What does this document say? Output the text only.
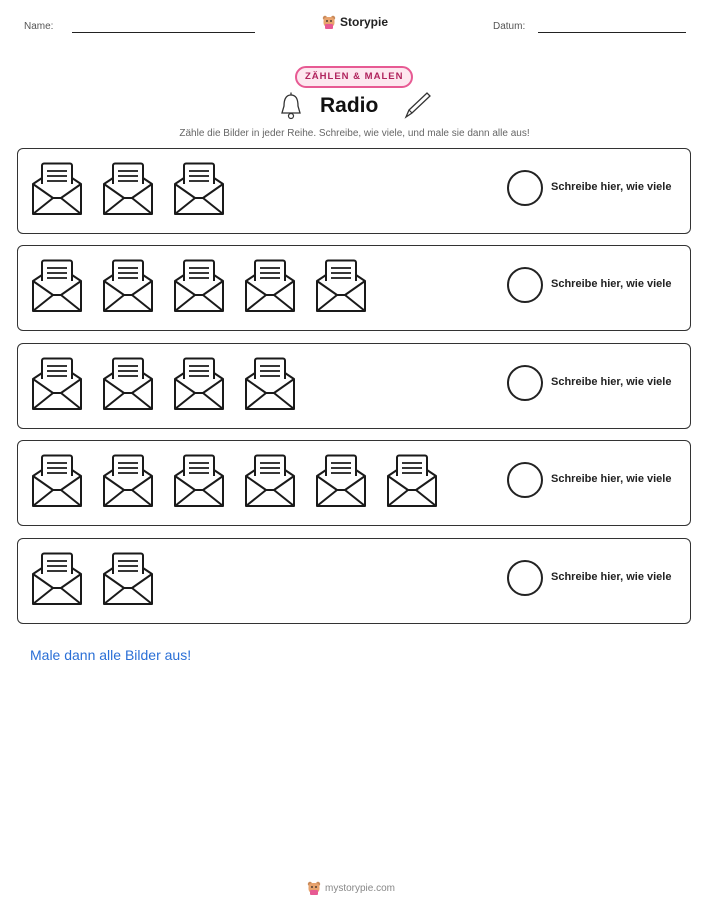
Name:	Storypie	Datum:
ZÄHLEN & MALEN
Radio
Zähle die Bilder in jeder Reihe. Schreibe, wie viele, und male sie dann alle aus!
Schreibe hier, wie viele
Schreibe hier, wie viele
Schreibe hier, wie viele
Schreibe hier, wie viele
Schreibe hier, wie viele
Male dann alle Bilder aus!
mystorypie.com
